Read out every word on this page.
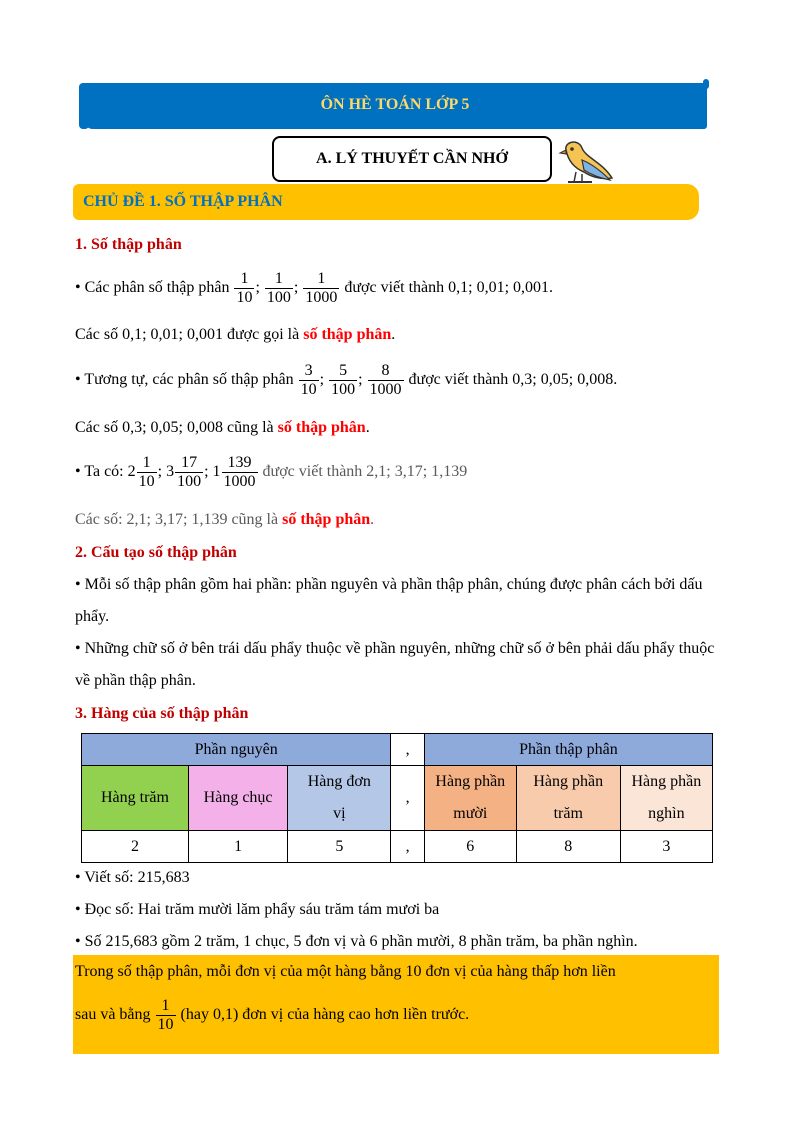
ÔN HÈ TOÁN LỚP 5
A. LÝ THUYẾT CẦN NHỚ
CHỦ ĐỀ 1. SỐ THẬP PHÂN
1. Số thập phân
• Các phân số thập phân $\frac{1}{10}$ ; $\frac{1}{100}$ ; $\frac{1}{1000}$ được viết thành 0,1; 0,01; 0,001.
Các số 0,1; 0,01; 0,001 được gọi là số thập phân.
• Tương tự, các phân số thập phân $\frac{3}{10}$ ; $\frac{5}{100}$ ; $\frac{8}{1000}$ được viết thành 0,3; 0,05; 0,008.
Các số 0,3; 0,05; 0,008 cũng là số thập phân.
• Ta có: $2 \frac{1}{10}$ ; $3 \frac{17}{100}$ ; $1 \frac{139}{1000}$ được viết thành 2,1; 3,17; 1,139
Các số: 2,1; 3,17; 1,139 cũng là số thập phân.
2. Cấu tạo số thập phân
• Mỗi số thập phân gồm hai phần: phần nguyên và phần thập phân, chúng được phân cách bởi dấu phẩy.
• Những chữ số ở bên trái dấu phẩy thuộc về phần nguyên, những chữ số ở bên phải dấu phẩy thuộc về phần thập phân.
3. Hàng của số thập phân
Phần nguyên			,	Phần thập phân		
Hàng trăm	Hàng chục	Hàng đơn vị	,	Hàng phần mười	Hàng phần trăm	Hàng phần nghìn
2	1	5	,	6	8	3
• Viết số: 215,683
• Đọc số: Hai trăm mười lăm phẩy sáu trăm tám mươi ba
• Số 215,683 gồm 2 trăm, 1 chục, 5 đơn vị và 6 phần mười, 8 phần trăm, ba phần nghìn.
Trong số thập phân, mỗi đơn vị của một hàng bằng 10 đơn vị của hàng thấp hơn liền
sau và bằng $\frac{1}{10} (hay$ 0,1) đơn vị của hàng cao hơn liền trước.
